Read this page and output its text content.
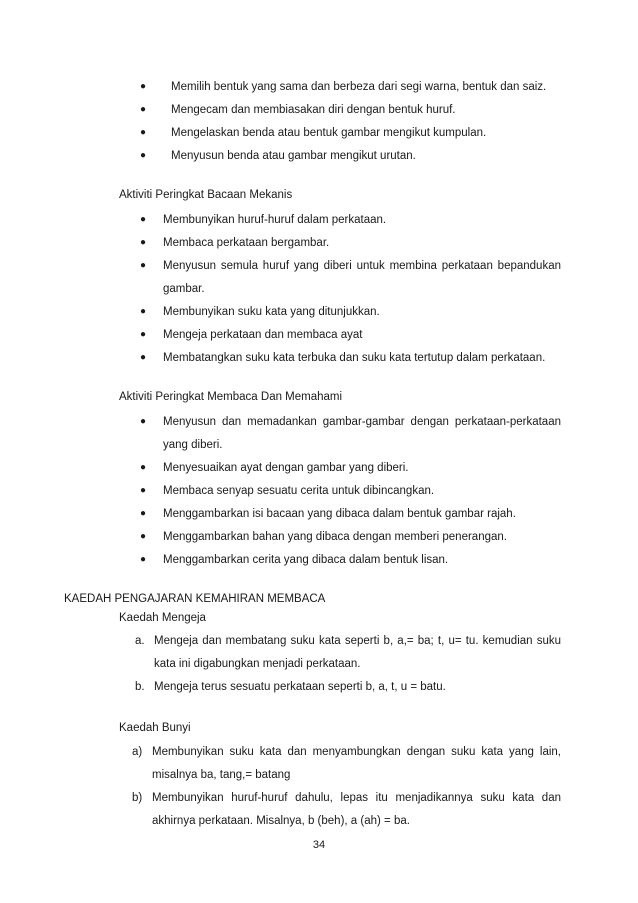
● Memilih bentuk yang sama dan berbeza dari segi warna, bentuk dan saiz.
● Mengecam dan membiasakan diri dengan bentuk huruf.
● Mengelaskan benda atau bentuk gambar mengikut kumpulan.
● Menyusun benda atau gambar mengikut urutan.
Aktiviti Peringkat Bacaan Mekanis
● Membunyikan huruf-huruf dalam perkataan.
● Membaca perkataan bergambar.
● Menyusun semula huruf yang diberi untuk membina perkataan bepandukan
gambar.
● Membunyikan suku kata yang ditunjukkan.
● Mengeja perkataan dan membaca ayat
● Membatangkan suku kata terbuka dan suku kata tertutup dalam perkataan.
Aktiviti Peringkat Membaca Dan Memahami
● Menyusun dan memadankan gambar-gambar dengan perkataan-perkataan
yang diberi.
● Menyesuaikan ayat dengan gambar yang diberi.
● Membaca senyap sesuatu cerita untuk dibincangkan.
● Menggambarkan isi bacaan yang dibaca dalam bentuk gambar rajah.
● Menggambarkan bahan yang dibaca dengan memberi penerangan.
● Menggambarkan cerita yang dibaca dalam bentuk lisan.
KAEDAH PENGAJARAN KEMAHIRAN MEMBACA
Kaedah Mengeja
a. Mengeja dan membatang suku kata seperti b, a,= ba; t, u= tu. kemudian suku
kata ini digabungkan menjadi perkataan.
b. Mengeja terus sesuatu perkataan seperti b, a, t, u = batu.
Kaedah Bunyi
a) Membunyikan suku kata dan menyambungkan dengan suku kata yang lain,
misalnya ba, tang,= batang
b) Membunyikan huruf-huruf dahulu, lepas itu menjadikannya suku kata dan
akhirnya perkataan. Misalnya, b (beh), a (ah) = ba.
34
